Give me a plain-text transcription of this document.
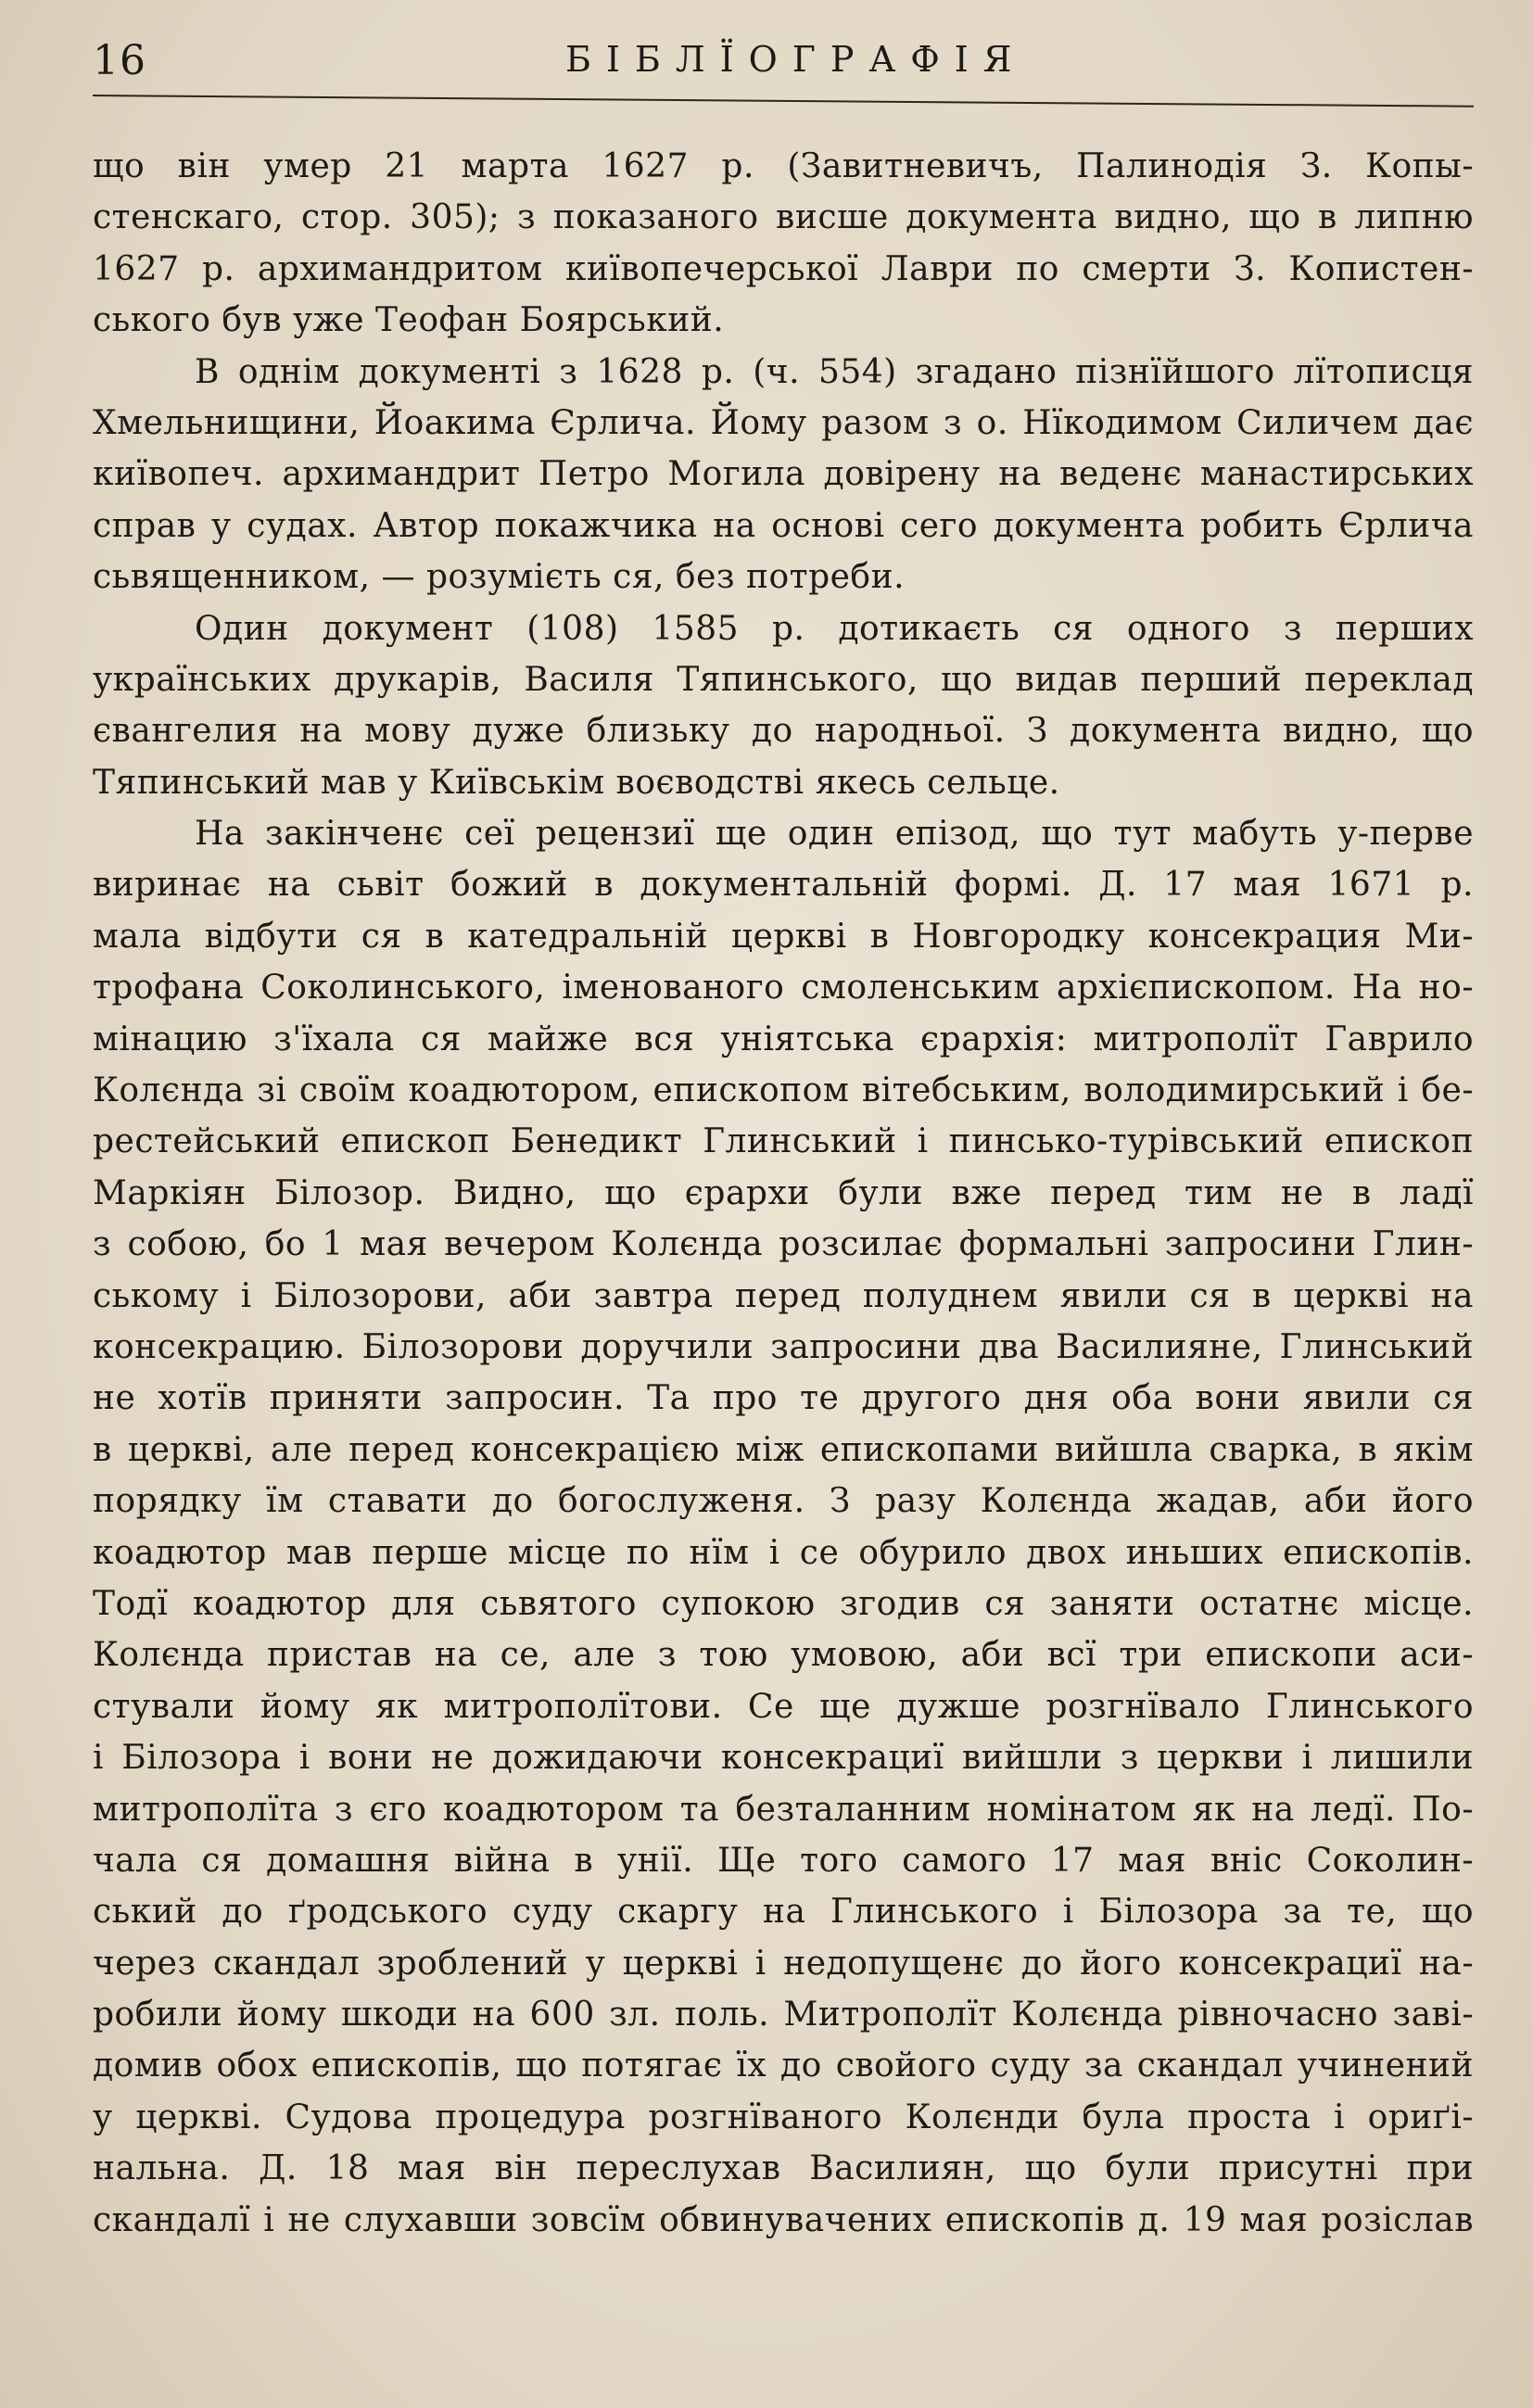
16	БІБЛЇОГРАФІЯ
що він умер 21 марта 1627 р. (Завитневичъ, Палинодія З. Копы-
стенскаго, стор. 305); з показаного висше документа видно, що в липню
1627 р. архимандритом київопечерської Лаври по смерти З. Копистен-
ського був уже Теофан Боярський.
В однім документі з 1628 р. (ч. 554) згадано пізнїйшого лїтописця
Хмельнищини, Йоакима Єрлича. Йому разом з о. Нїкодимом Силичем дає
київопеч. архимандрит Петро Могила довірену на веденє манастирських
справ у судах. Автор покажчика на основі сего документа робить Єрлича
сьвященником, — розумієть ся, без потреби.
Один документ (108) 1585 р. дотикаєть ся одного з перших
українських друкарів, Василя Тяпинського, що видав перший переклад
євангелия на мову дуже близьку до народньої. З документа видно, що
Тяпинський мав у Київськім воєводстві якесь сельце.
На закінченє сеї рецензиї ще один епізод, що тут мабуть у-перве
виринає на сьвіт божий в документальній формі. Д. 17 мая 1671 р.
мала відбути ся в катедральній церкві в Новгородку консекрация Ми-
трофана Соколинського, іменованого смоленським архієпископом. На но-
мінацию з'їхала ся майже вся уніятська єрархія: митрополїт Гаврило
Колєнда зі своїм коадютором, епископом вітебським, володимирський і бе-
рестейський епископ Бенедикт Глинський і пинсько-турівський епископ
Маркіян Білозор. Видно, що єрархи були вже перед тим не в ладї
з собою, бо 1 мая вечером Колєнда розсилає формальні запросини Глин-
ському і Білозорови, аби завтра перед полуднем явили ся в церкві на
консекрацию. Білозорови доручили запросини два Василияне, Глинський
не хотїв приняти запросин. Та про те другого дня оба вони явили ся
в церкві, але перед консекрацією між епископами вийшла сварка, в якім
порядку їм ставати до богослуженя. З разу Колєнда жадав, аби його
коадютор мав перше місце по нїм і се обурило двох иньших епископів.
Тодї коадютор для сьвятого супокою згодив ся заняти остатнє місце.
Колєнда пристав на се, але з тою умовою, аби всї три епископи аси-
стували йому як митрополїтови. Се ще дужше розгнївало Глинського
і Білозора і вони не дожидаючи консекрациї вийшли з церкви і лишили
митрополїта з єго коадютором та безталанним номінатом як на ледї. По-
чала ся домашня війна в унії. Ще того самого 17 мая вніс Соколин-
ський до ґродського суду скаргу на Глинського і Білозора за те, що
через скандал зроблений у церкві і недопущенє до його консекрациї на-
робили йому шкоди на 600 зл. поль. Митрополїт Колєнда рівночасно заві-
домив обох епископів, що потягає їх до свойого суду за скандал учинений
у церкві. Судова процедура розгнїваного Колєнди була проста і ориґі-
нальна. Д. 18 мая він переслухав Василиян, що були присутні при
скандалї і не слухавши зовсїм обвинувачених епископів д. 19 мая розіслав
